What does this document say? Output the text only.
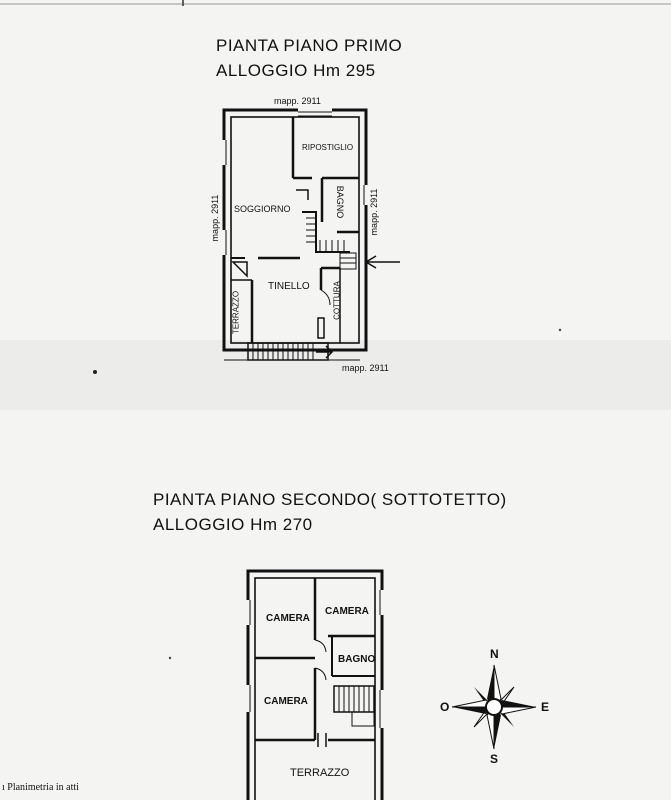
PIANTA PIANO PRIMO
ALLOGGIO Hm 295
mapp. 2911
mapp. 2911	mapp. 2911
mapp. 2911
RIPOSTIGLIO
SOGGIORNO	BAGNO
TINELLO
TERRAZZO	COTTURA
PIANTA PIANO SECONDO( SOTTOTETTO)
ALLOGGIO Hm 270
CAMERA
CAMERA
BAGNO
CAMERA
TERRAZZO
N
S
E
O
ı Planimetria in atti
